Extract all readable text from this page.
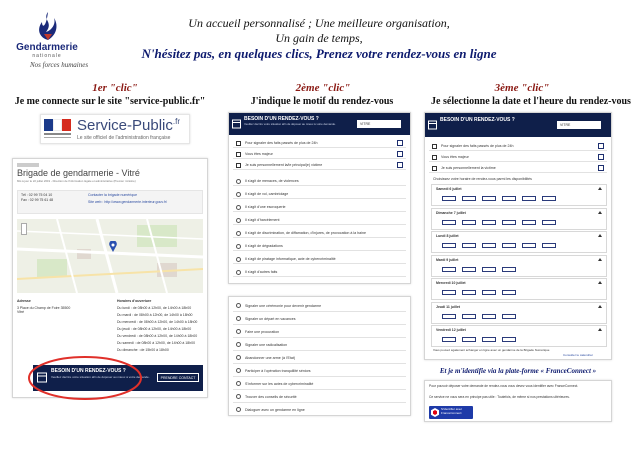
Gendarmerie
nationale
Nos forces humaines
Un accueil personnalisé ; Une meilleure organisation,
Un gain de temps,
N'hésitez pas, en quelques clics, Prenez votre rendez-vous en ligne
1er "clic"	2ème "clic"	3ème "clic"
Je me connecte sur le site "service-public.fr"	J'indique le motif du rendez-vous	Je sélectionne la date et l'heure du rendez-vous
Service-Public$^{.fr}$
Le site officiel de l'administration française
Brigade de gendarmerie - Vitré
Mis à jour le 22 juillet 2019 - Direction de l'information légale et administrative (Premier ministre)
Tél : 02 99 75 04 10
Fax : 02 99 75 61 48
Contacter la brigade numérique
Site web : http://www.gendarmerie.interieur.gouv.fr/
Adresse
3 Place du Champ de Foire 35500 Vitré
Horaires d'ouverture
Du lundi : de 08h00 à 12h00, de 14h00 à 18h00
Du mardi : de 08h00 à 12h00, de 14h00 à 18h00
Du mercredi : de 08h00 à 12h00, de 14h00 à 18h00
Du jeudi : de 08h00 à 12h00, de 14h00 à 18h00
Du vendredi : de 08h00 à 12h00, de 14h00 à 18h00
Du samedi : de 08h00 à 12h00, de 14h00 à 18h00
Du dimanche : de 15h00 à 18h00
BESOIN D'UN RENDEZ-VOUS ?
Veuillez décrire votre situation afin de déposer au mieux à votre demande.	PRENDRE CONTACT
BESOIN D'UN RENDEZ-VOUS ?
Veuillez décrire votre situation afin de déposer au mieux à votre demande.	VITRE
Pour signaler des faits passés de plus de 24h
Vous êtes majeur
Je suis personnellement la/le principal(e) victime
Il s'agit de menaces, de violences
Il s'agit de vol, cambriolage
Il s'agit d'une escroquerie
Il s'agit d'harcèlement
Il s'agit de discrimination, de diffamation, d'injures, de provocation à la haine
Il s'agit de dégradations
Il s'agit de piratage informatique, acte de cybercriminalité
Il s'agit d'autres faits
Signaler une cérémonie pour devenir gendarme
Signaler un départ en vacances
Faire une procuration
Signaler une radicalisation
Abandonner une arme (à l'Etat)
Participer à l'opération tranquillité séniors
S'informer sur les actes de cybercriminalité
Trouver des conseils de sécurité
Dialoguer avec un gendarme en ligne
BESOIN D'UN RENDEZ-VOUS ?
VITRE
Pour signaler des faits passés de plus de 24h
Vous êtes majeur
Je suis personnellement la victime
Choisissez votre horaire de rendez-vous parmi les disponibilités
Samedi 6 juillet
Dimanche 7 juillet
Lundi 8 juillet
Mardi 9 juillet
Mercredi 10 juillet
Jeudi 11 juillet
Vendredi 12 juillet
Vous pouvez également échanger en ligne avec un gendarme de la Brigade Numérique
Consulter le calendrier
Et je m'identifie via la plate-forme « FranceConnect »
Pour pouvoir déposer votre demande de rendez-vous vous devez vous identifier avec FranceConnect.
Ce service ne vous sera en principe pas utile : Toutefois, de même si nos prestations ultérieures.
S'identifier avec FranceConnect
